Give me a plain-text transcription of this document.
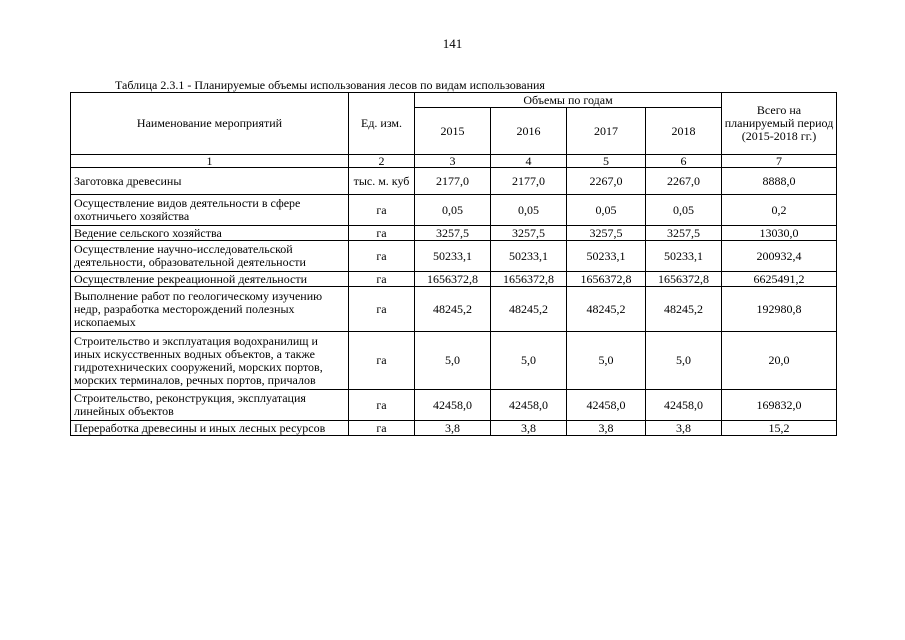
141
Таблица 2.3.1 - Планируемые объемы использования лесов по видам использования
Наименование мероприятий	Ед. изм.	Объемы по годам				Всего на планируемый период (2015-2018 гг.)
		2015	2016	2017	2018	
1	2	3	4	5	6	7
Заготовка древесины	тыс. м. куб	2177,0	2177,0	2267,0	2267,0	8888,0
Осуществление видов деятельности в сфере охотничьего хозяйства	га	0,05	0,05	0,05	0,05	0,2
Ведение сельского хозяйства	га	3257,5	3257,5	3257,5	3257,5	13030,0
Осуществление научно-исследовательской деятельности, образовательной деятельности	га	50233,1	50233,1	50233,1	50233,1	200932,4
Осуществление рекреационной деятельности	га	1656372,8	1656372,8	1656372,8	1656372,8	6625491,2
Выполнение работ по геологическому изучению недр, разработка месторождений полезных ископаемых	га	48245,2	48245,2	48245,2	48245,2	192980,8
Строительство и эксплуатация водохранилищ и иных искусственных водных объектов, а также гидротехнических сооружений, морских портов, морских терминалов, речных портов, причалов	га	5,0	5,0	5,0	5,0	20,0
Строительство, реконструкция, эксплуатация линейных объектов	га	42458,0	42458,0	42458,0	42458,0	169832,0
Переработка древесины и иных лесных ресурсов	га	3,8	3,8	3,8	3,8	15,2
